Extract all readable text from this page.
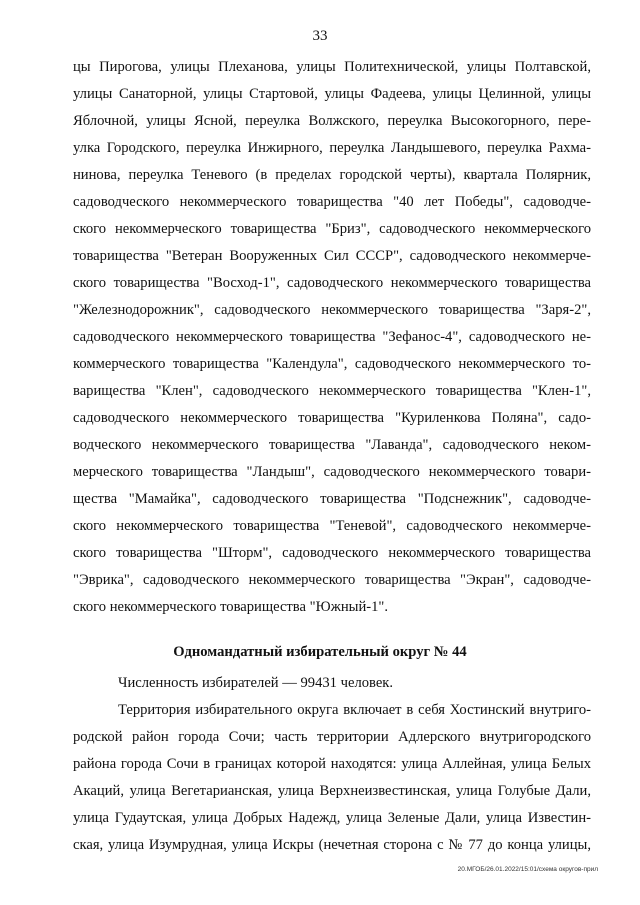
33
цы Пирогова, улицы Плеханова, улицы Политехнической, улицы Полтавской,
улицы Санаторной, улицы Стартовой, улицы Фадеева, улицы Целинной, улицы
Яблочной, улицы Ясной, переулка Волжского, переулка Высокогорного, пере-
улка Городского, переулка Инжирного, переулка Ландышевого, переулка Рахма-
нинова, переулка Теневого (в пределах городской черты), квартала Полярник,
садоводческого некоммерческого товарищества "40 лет Победы", садоводче-
ского некоммерческого товарищества "Бриз", садоводческого некоммерческого
товарищества "Ветеран Вооруженных Сил СССР", садоводческого некоммерче-
ского товарищества "Восход-1", садоводческого некоммерческого товарищества
"Железнодорожник", садоводческого некоммерческого товарищества "Заря-2",
садоводческого некоммерческого товарищества "Зефанос-4", садоводческого не-
коммерческого товарищества "Календула", садоводческого некоммерческого то-
варищества "Клен", садоводческого некоммерческого товарищества "Клен-1",
садоводческого некоммерческого товарищества "Куриленкова Поляна", садо-
водческого некоммерческого товарищества "Лаванда", садоводческого неком-
мерческого товарищества "Ландыш", садоводческого некоммерческого товари-
щества "Мамайка", садоводческого товарищества "Подснежник", садоводче-
ского некоммерческого товарищества "Теневой", садоводческого некоммерче-
ского товарищества "Шторм", садоводческого некоммерческого товарищества
"Эврика", садоводческого некоммерческого товарищества "Экран", садоводче-
ского некоммерческого товарищества "Южный-1".
Одномандатный избирательный округ № 44
Численность избирателей — 99431 человек.
Территория избирательного округа включает в себя Хостинский внутриго-
родской район города Сочи; часть территории Адлерского внутригородского
района города Сочи в границах которой находятся: улица Аллейная, улица Белых
Акаций, улица Вегетарианская, улица Верхнеизвестинская, улица Голубые Дали,
улица Гудаутская, улица Добрых Надежд, улица Зеленые Дали, улица Известин-
ская, улица Изумрудная, улица Искры (нечетная сторона с № 77 до конца улицы,
20.МГОБ/26.01.2022/15:01/схема округов-прил
